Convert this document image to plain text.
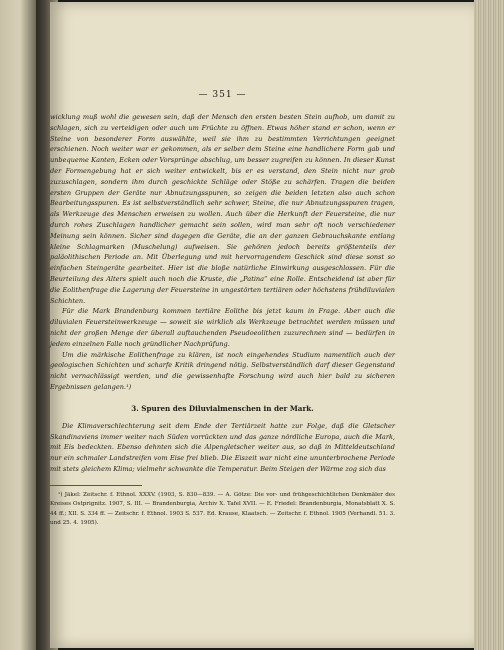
— 351 —

wicklung muß wohl die gewesen sein, daß der Mensch den ersten besten Stein aufhob, um damit zu schlagen, sich zu verteidigen oder auch um Früchte zu öffnen. Etwas höher stand er schon, wenn er Steine von besonderer Form auswählte, weil sie ihm zu bestimmten Verrichtungen geeignet erschienen. Noch weiter war er gekommen, als er selber dem Steine eine handlichere Form gab und unbequeme Kanten, Ecken oder Vorsprünge abschlug, um besser zugreifen zu können. In dieser Kunst der Formengebung hat er sich weiter entwickelt, bis er es verstand, den Stein nicht nur grob zuzuschlagen, sondern ihm durch geschickte Schläge oder Stöße zu schärfen. Tragen die beiden ersten Gruppen der Geräte nur Abnutzungsspuren, so zeigen die beiden letzten also auch schon Bearbeitungsspuren. Es ist selbstverständlich sehr schwer, Steine, die nur Abnutzungsspuren tragen, als Werkzeuge des Menschen erweisen zu wollen. Auch über die Herkunft der Feuersteine, die nur durch rohes Zuschlagen handlicher gemacht sein sollen, wird man sehr oft noch verschiedener Meinung sein können. Sicher sind dagegen die Geräte, die an der ganzen Gebrauchskante entlang kleine Schlagmarken (Muschelung) aufweisen. Sie gehören jedoch bereits größtenteils der paläolithischen Periode an. Mit Überlegung und mit hervorragendem Geschick sind diese sonst so einfachen Steingeräte gearbeitet. Hier ist die bloße natürliche Einwirkung ausgeschlossen. Für die Beurteilung des Alters spielt auch noch die Kruste, die „Patina“ eine Rolle. Entscheidend ist aber für die Eolithenfrage die Lagerung der Feuersteine in ungestörten tertiären oder höchstens frühdiluvialen Schichten.

Für die Mark Brandenburg kommen tertiäre Eolithe bis jetzt kaum in Frage. Aber auch die diluvialen Feuersteinwerkzeuge — soweit sie wirklich als Werkzeuge betrachtet werden müssen und nicht der großen Menge der überall auftauchenden Pseudoeolithen zuzurechnen sind — bedürfen in jedem einzelnen Falle noch gründlicher Nachprüfung.

Um die märkische Eolithenfrage zu klären, ist noch eingehendes Studium namentlich auch der geologischen Schichten und scharfe Kritik dringend nötig. Selbstverständlich darf dieser Gegenstand nicht vernachlässigt werden, und die gewissenhafte Forschung wird auch hier bald zu sicheren Ergebnissen gelangen.¹)

3. Spuren des Diluvialmenschen in der Mark.

Die Klimaverschlechterung seit dem Ende der Tertiärzeit hatte zur Folge, daß die Gletscher Skandinaviens immer weiter nach Süden vorrückten und das ganze nördliche Europa, auch die Mark, mit Eis bedeckten. Ebenso dehnten sich die Alpengletscher weiter aus, so daß in Mitteldeutschland nur ein schmaler Landstreifen vom Eise frei blieb. Die Eiszeit war nicht eine ununterbrochene Periode mit stets gleichem Klima; vielmehr schwankte die Temperatur. Beim Steigen der Wärme zog sich das

¹) Jäkel: Zeitschr. f. Ethnol. XXXV. (1903, S. 830—839. — A. Götze: Die vor- und frühgeschichtlichen Denkmäler des Kreises Ostprignitz. 1907, S. III. — Brandenburgia, Archiv X. Tafel XVII. — E. Friedel: Brandenburgia, Monatsblatt X. S. 44 ff.; XII. S. 334 ff. — Zeitschr. f. Ethnol. 1903 S. 537. Ed. Krause, Klaatsch. — Zeitschr. f. Ethnol. 1905 (Verhandl. 51. 3. und 25. 4. 1905).
